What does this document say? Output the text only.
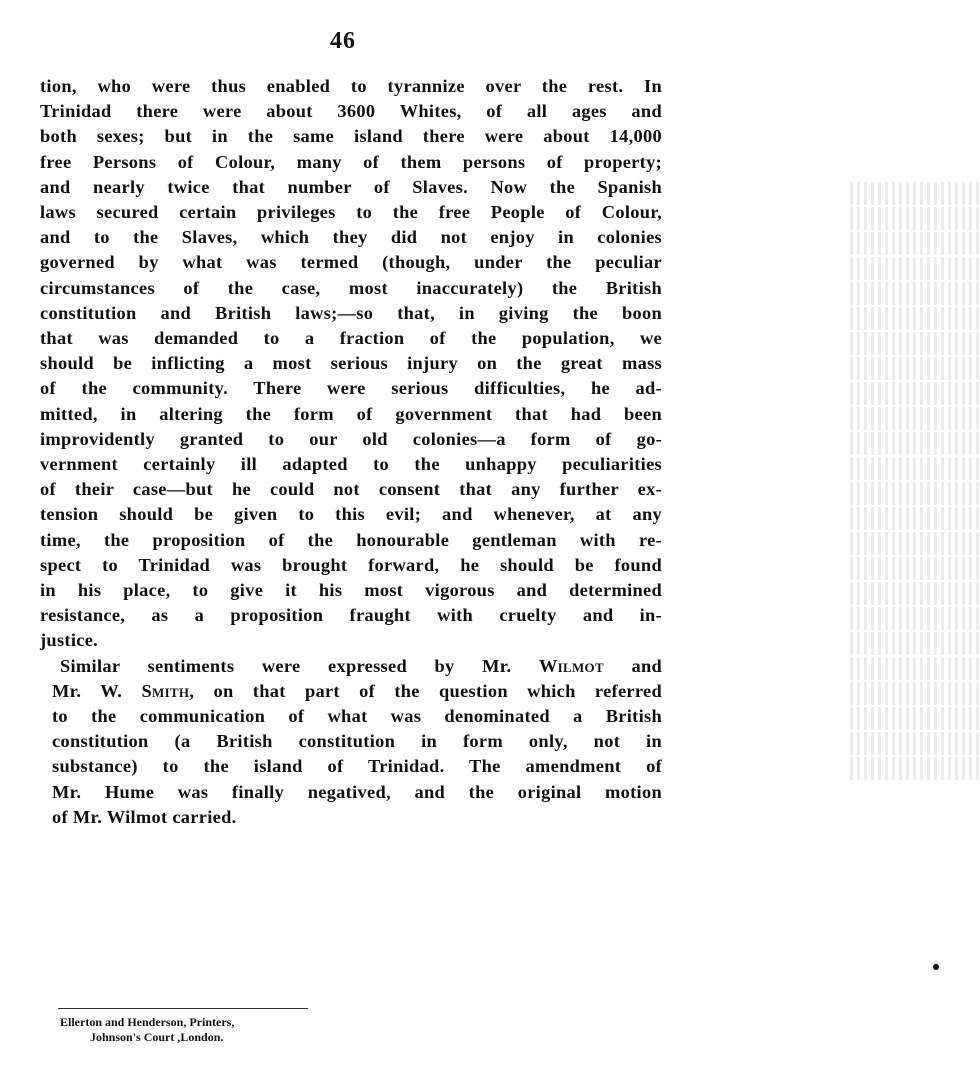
46
tion, who were thus enabled to tyrannize over the rest. In
Trinidad there were about 3600 Whites, of all ages and
both sexes; but in the same island there were about 14,000
free Persons of Colour, many of them persons of property;
and nearly twice that number of Slaves. Now the Spanish
laws secured certain privileges to the free People of Colour,
and to the Slaves, which they did not enjoy in colonies
governed by what was termed (though, under the peculiar
circumstances of the case, most inaccurately) the British
constitution and British laws;—so that, in giving the boon
that was demanded to a fraction of the population, we
should be inflicting a most serious injury on the great mass
of the community. There were serious difficulties, he ad-
mitted, in altering the form of government that had been
improvidently granted to our old colonies—a form of go-
vernment certainly ill adapted to the unhappy peculiarities
of their case—but he could not consent that any further ex-
tension should be given to this evil; and whenever, at any
time, the proposition of the honourable gentleman with re-
spect to Trinidad was brought forward, he should be found
in his place, to give it his most vigorous and determined
resistance, as a proposition fraught with cruelty and in-
justice.
Similar sentiments were expressed by Mr. Wilmot and
Mr. W. Smith, on that part of the question which referred
to the communication of what was denominated a British
constitution (a British constitution in form only, not in
substance) to the island of Trinidad. The amendment of
Mr. Hume was finally negatived, and the original motion
of Mr. Wilmot carried.
Ellerton and Henderson, Printers,
Johnson's Court ,London.
